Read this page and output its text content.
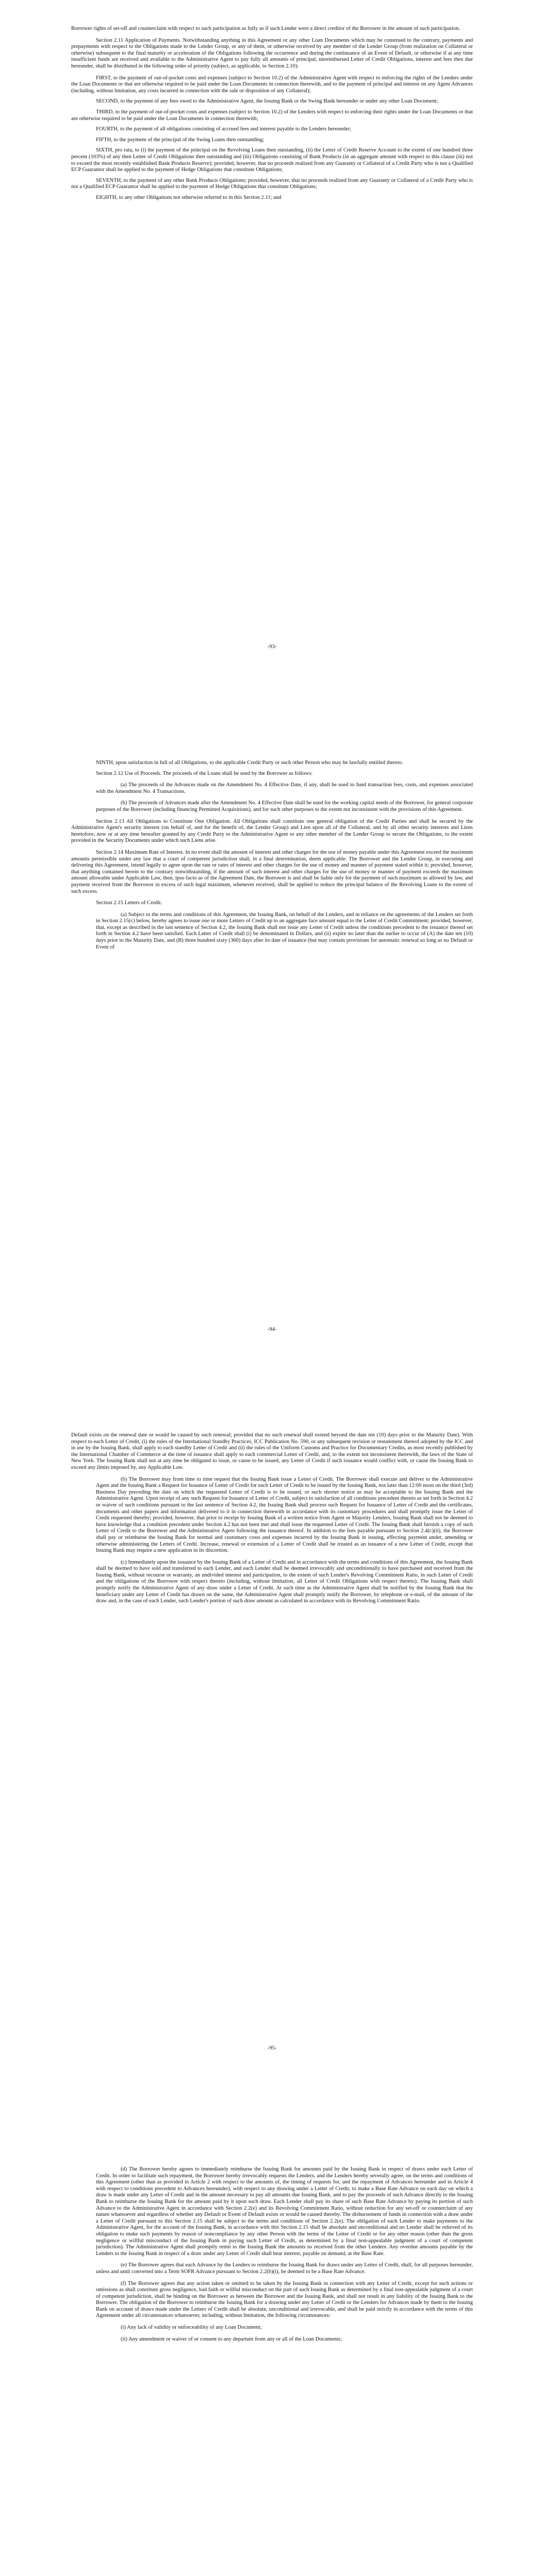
Borrower rights of set-off and counterclaim with respect to such participation as fully as if such Lender were a direct creditor of the Borrower in the amount of such participation.

Section 2.11 Application of Payments. Notwithstanding anything in this Agreement or any other Loan Documents which may be construed to the contrary, payments and prepayments with respect to the Obligations made to the Lender Group, or any of them, or otherwise received by any member of the Lender Group (from realization on Collateral or otherwise) subsequent to the final maturity or acceleration of the Obligations following the occurrence and during the continuance of an Event of Default, or otherwise if at any time insufficient funds are received and available to the Administrative Agent to pay fully all amounts of principal, unreimbursed Letter of Credit Obligations, interest and fees then due hereunder, shall be distributed in the following order of priority (subject, as applicable, to Section 2.10):

FIRST, to the payment of out-of-pocket costs and expenses (subject to Section 10.2) of the Administrative Agent with respect to enforcing the rights of the Lenders under the Loan Documents or that are otherwise required to be paid under the Loan Documents in connection therewith, and to the payment of principal and interest on any Agent Advances (including, without limitation, any costs incurred in connection with the sale or disposition of any Collateral);

SECOND, to the payment of any fees owed to the Administrative Agent, the Issuing Bank or the Swing Bank hereunder or under any other Loan Document;

THIRD, to the payment of out-of-pocket costs and expenses (subject to Section 10.2) of the Lenders with respect to enforcing their rights under the Loan Documents or that are otherwise required to be paid under the Loan Documents in connection therewith;

FOURTH, to the payment of all obligations consisting of accrued fees and interest payable to the Lenders hereunder;

FIFTH, to the payment of the principal of the Swing Loans then outstanding;

SIXTH, pro rata, to (i) the payment of the principal on the Revolving Loans then outstanding, (ii) the Letter of Credit Reserve Account to the extent of one hundred three percent (103%) of any then Letter of Credit Obligations then outstanding and (iii) Obligations consisting of Bank Products (in an aggregate amount with respect to this clause (iii) not to exceed the most recently established Bank Products Reserve); provided, however, that no proceeds realized from any Guaranty or Collateral of a Credit Party who is not a Qualified ECP Guarantor shall be applied to the payment of Hedge Obligations that constitute Obligations;

SEVENTH, to the payment of any other Bank Products Obligations; provided, however, that no proceeds realized from any Guaranty or Collateral of a Credit Party who is not a Qualified ECP Guarantor shall be applied to the payment of Hedge Obligations that constitute Obligations;

EIGHTH, to any other Obligations not otherwise referred to in this Section 2.11; and

-93-

NINTH, upon satisfaction in full of all Obligations, to the applicable Credit Party or such other Person who may be lawfully entitled thereto.

Section 2.12 Use of Proceeds. The proceeds of the Loans shall be used by the Borrower as follows:

(a) The proceeds of the Advances made on the Amendment No. 4 Effective Date, if any, shall be used to fund transaction fees, costs, and expenses associated with the Amendment No. 4 Transactions.

(b) The proceeds of Advances made after the Amendment No. 4 Effective Date shall be used for the working capital needs of the Borrower, for general corporate purposes of the Borrower (including financing Permitted Acquisitions), and for such other purposes to the extent not inconsistent with the provisions of this Agreement.

Section 2.13 All Obligations to Constitute One Obligation. All Obligations shall constitute one general obligation of the Credit Parties and shall be secured by the Administrative Agent's security interest (on behalf of, and for the benefit of, the Lender Group) and Lien upon all of the Collateral, and by all other security interests and Liens heretofore, now or at any time hereafter granted by any Credit Party to the Administrative Agent or any other member of the Lender Group to secure the Obligations, to the extent provided in the Security Documents under which such Liens arise.

Section 2.14 Maximum Rate of Interest. In no event shall the amount of interest and other charges for the use of money payable under this Agreement exceed the maximum amounts permissible under any law that a court of competent jurisdiction shall, in a final determination, deem applicable. The Borrower and the Lender Group, in executing and delivering this Agreement, intend legally to agree upon the rate or rates of interest and other charges for the use of money and manner of payment stated within it; provided, however, that anything contained herein to the contrary notwithstanding, if the amount of such interest and other charges for the use of money or manner of payment exceeds the maximum amount allowable under Applicable Law, then, ipso facto as of the Agreement Date, the Borrower is and shall be liable only for the payment of such maximum as allowed by law, and payment received from the Borrower in excess of such legal maximum, whenever received, shall be applied to reduce the principal balance of the Revolving Loans to the extent of such excess.

Section 2.15 Letters of Credit.

(a) Subject to the terms and conditions of this Agreement, the Issuing Bank, on behalf of the Lenders, and in reliance on the agreements of the Lenders set forth in Section 2.15(c) below, hereby agrees to issue one or more Letters of Credit up to an aggregate face amount equal to the Letter of Credit Commitment; provided, however, that, except as described in the last sentence of Section 4.2, the Issuing Bank shall not issue any Letter of Credit unless the conditions precedent to the issuance thereof set forth in Section 4.2 have been satisfied. Each Letter of Credit shall (i) be denominated in Dollars, and (ii) expire no later than the earlier to occur of (A) the date ten (10) days prior to the Maturity Date, and (B) three hundred sixty (360) days after its date of issuance (but may contain provisions for automatic renewal so long as no Default or Event of

-94-

Default exists on the renewal date or would be caused by such renewal; provided that no such renewal shall extend beyond the date ten (10) days prior to the Maturity Date). With respect to each Letter of Credit, (i) the rules of the International Standby Practices, ICC Publication No. 590, or any subsequent revision or restatement thereof adopted by the ICC and in use by the Issuing Bank, shall apply to each standby Letter of Credit and (ii) the rules of the Uniform Customs and Practice for Documentary Credits, as most recently published by the International Chamber of Commerce at the time of issuance shall apply to each commercial Letter of Credit, and, to the extent not inconsistent therewith, the laws of the State of New York. The Issuing Bank shall not at any time be obligated to issue, or cause to be issued, any Letter of Credit if such issuance would conflict with, or cause the Issuing Bank to exceed any limits imposed by, any Applicable Law.

(b) The Borrower may from time to time request that the Issuing Bank issue a Letter of Credit. The Borrower shall execute and deliver to the Administrative Agent and the Issuing Bank a Request for Issuance of Letter of Credit for each Letter of Credit to be issued by the Issuing Bank, not later than 12:00 noon on the third (3rd) Business Day preceding the date on which the requested Letter of Credit is to be issued, or such shorter notice as may be acceptable to the Issuing Bank and the Administrative Agent. Upon receipt of any such Request for Issuance of Letter of Credit, subject to satisfaction of all conditions precedent thereto as set forth in Section 4.2 or waiver of such conditions pursuant to the last sentence of Section 4.2, the Issuing Bank shall process such Request for Issuance of Letter of Credit and the certificates, documents and other papers and information delivered to it in connection therewith in accordance with its customary procedures and shall promptly issue the Letter of Credit requested thereby; provided, however, that prior to receipt by Issuing Bank of a written notice from Agent or Majority Lenders, Issuing Bank shall not be deemed to have knowledge that a condition precedent under Section 4.2 has not been met and shall issue the requested Letter of Credit. The Issuing Bank shall furnish a copy of such Letter of Credit to the Borrower and the Administrative Agent following the issuance thereof. In addition to the fees payable pursuant to Section 2.4(c)(ii), the Borrower shall pay or reimburse the Issuing Bank for normal and customary costs and expenses incurred by the Issuing Bank in issuing, effecting payment under, amending or otherwise administering the Letters of Credit. Increase, renewal or extension of a Letter of Credit shall be treated as an issuance of a new Letter of Credit, except that Issuing Bank may require a new application in its discretion.

(c) Immediately upon the issuance by the Issuing Bank of a Letter of Credit and in accordance with the terms and conditions of this Agreement, the Issuing Bank shall be deemed to have sold and transferred to each Lender, and each Lender shall be deemed irrevocably and unconditionally to have purchased and received from the Issuing Bank, without recourse or warranty, an undivided interest and participation, to the extent of such Lender's Revolving Commitment Ratio, in such Letter of Credit and the obligations of the Borrower with respect thereto (including, without limitation, all Letter of Credit Obligations with respect thereto). The Issuing Bank shall promptly notify the Administrative Agent of any draw under a Letter of Credit. At such time as the Administrative Agent shall be notified by the Issuing Bank that the beneficiary under any Letter of Credit has drawn on the same, the Administrative Agent shall promptly notify the Borrower, by telephone or e-mail, of the amount of the draw and, in the case of each Lender, such Lender's portion of such draw amount as calculated in accordance with its Revolving Commitment Ratio.

-95-

(d) The Borrower hereby agrees to immediately reimburse the Issuing Bank for amounts paid by the Issuing Bank in respect of draws under each Letter of Credit. In order to facilitate such repayment, the Borrower hereby irrevocably requests the Lenders, and the Lenders hereby severally agree, on the terms and conditions of this Agreement (other than as provided in Article 2 with respect to the amounts of, the timing of requests for, and the repayment of Advances hereunder and in Article 4 with respect to conditions precedent to Advances hereunder), with respect to any drawing under a Letter of Credit, to make a Base Rate Advance on each day on which a draw is made under any Letter of Credit and in the amount necessary to pay all amounts due Issuing Bank, and to pay the proceeds of such Advance directly to the Issuing Bank to reimburse the Issuing Bank for the amount paid by it upon such draw. Each Lender shall pay its share of such Base Rate Advance by paying its portion of such Advance to the Administrative Agent in accordance with Section 2.2(e) and its Revolving Commitment Ratio, without reduction for any set-off or counterclaim of any nature whatsoever and regardless of whether any Default or Event of Default exists or would be caused thereby. The disbursement of funds in connection with a draw under a Letter of Credit pursuant to this Section 2.15 shall be subject to the terms and conditions of Section 2.2(e). The obligation of each Lender to make payments to the Administrative Agent, for the account of the Issuing Bank, in accordance with this Section 2.15 shall be absolute and unconditional and no Lender shall be relieved of its obligation to make such payments by reason of noncompliance by any other Person with the terms of the Letter of Credit or for any other reason (other than the gross negligence or willful misconduct of the Issuing Bank in paying such Letter of Credit, as determined by a final non-appealable judgment of a court of competent jurisdiction). The Administrative Agent shall promptly remit to the Issuing Bank the amounts so received from the other Lenders. Any overdue amounts payable by the Lenders to the Issuing Bank in respect of a draw under any Letter of Credit shall bear interest, payable on demand, at the Base Rate.

(e) The Borrower agrees that each Advance by the Lenders to reimburse the Issuing Bank for draws under any Letter of Credit, shall, for all purposes hereunder, unless and until converted into a Term SOFR Advance pursuant to Section 2.2(b)(i), be deemed to be a Base Rate Advance.

(f) The Borrower agrees that any action taken or omitted to be taken by the Issuing Bank in connection with any Letter of Credit, except for such actions or omissions as shall constitute gross negligence, bad faith or willful misconduct on the part of such Issuing Bank as determined by a final non-appealable judgment of a court of competent jurisdiction, shall be binding on the Borrower as between the Borrower and the Issuing Bank, and shall not result in any liability of the Issuing Bank to the Borrower. The obligation of the Borrower to reimburse the Issuing Bank for a drawing under any Letter of Credit or the Lenders for Advances made by them to the Issuing Bank on account of draws made under the Letters of Credit shall be absolute, unconditional and irrevocable, and shall be paid strictly in accordance with the terms of this Agreement under all circumstances whatsoever, including, without limitation, the following circumstances:

(i) Any lack of validity or enforceability of any Loan Document;

(ii) Any amendment or waiver of or consent to any departure from any or all of the Loan Documents;
